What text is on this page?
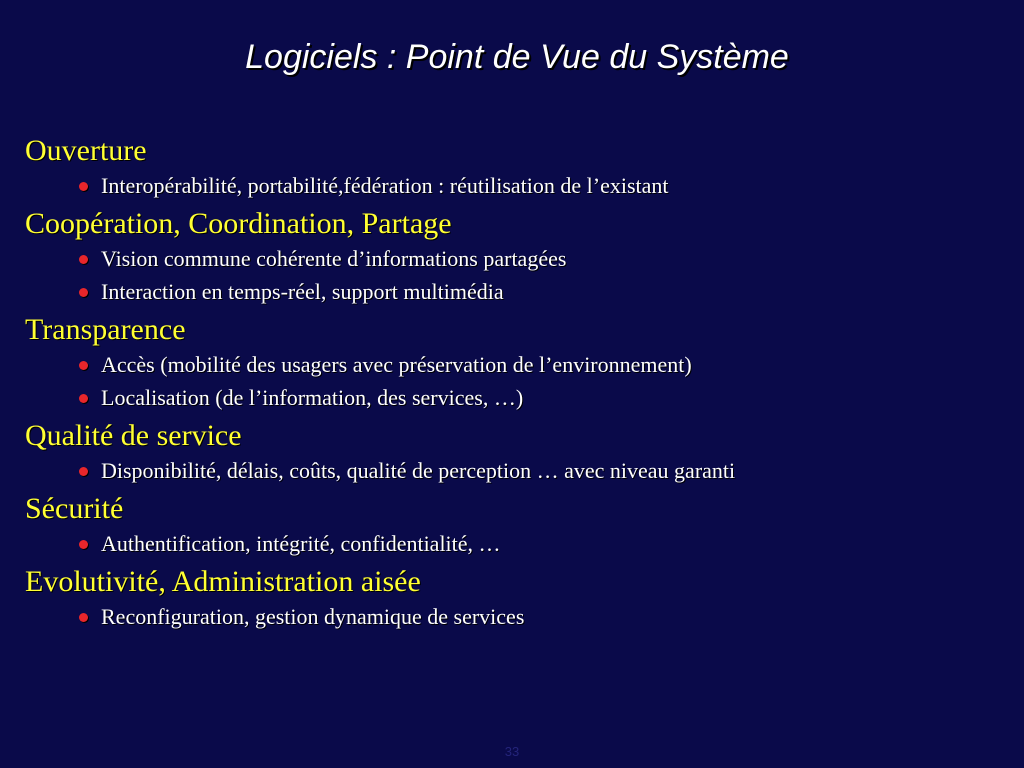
Logiciels : Point de Vue du Système
Ouverture
Interopérabilité, portabilité,fédération : réutilisation de l’existant
Coopération, Coordination, Partage
Vision commune cohérente d’informations partagées
Interaction en temps-réel, support multimédia
Transparence
Accès (mobilité des usagers avec préservation de l’environnement)
Localisation (de l’information, des services, …)
Qualité de service
Disponibilité, délais, coûts, qualité de perception … avec niveau garanti
Sécurité
Authentification, intégrité, confidentialité, …
Evolutivité, Administration aisée
Reconfiguration, gestion dynamique de services
33
